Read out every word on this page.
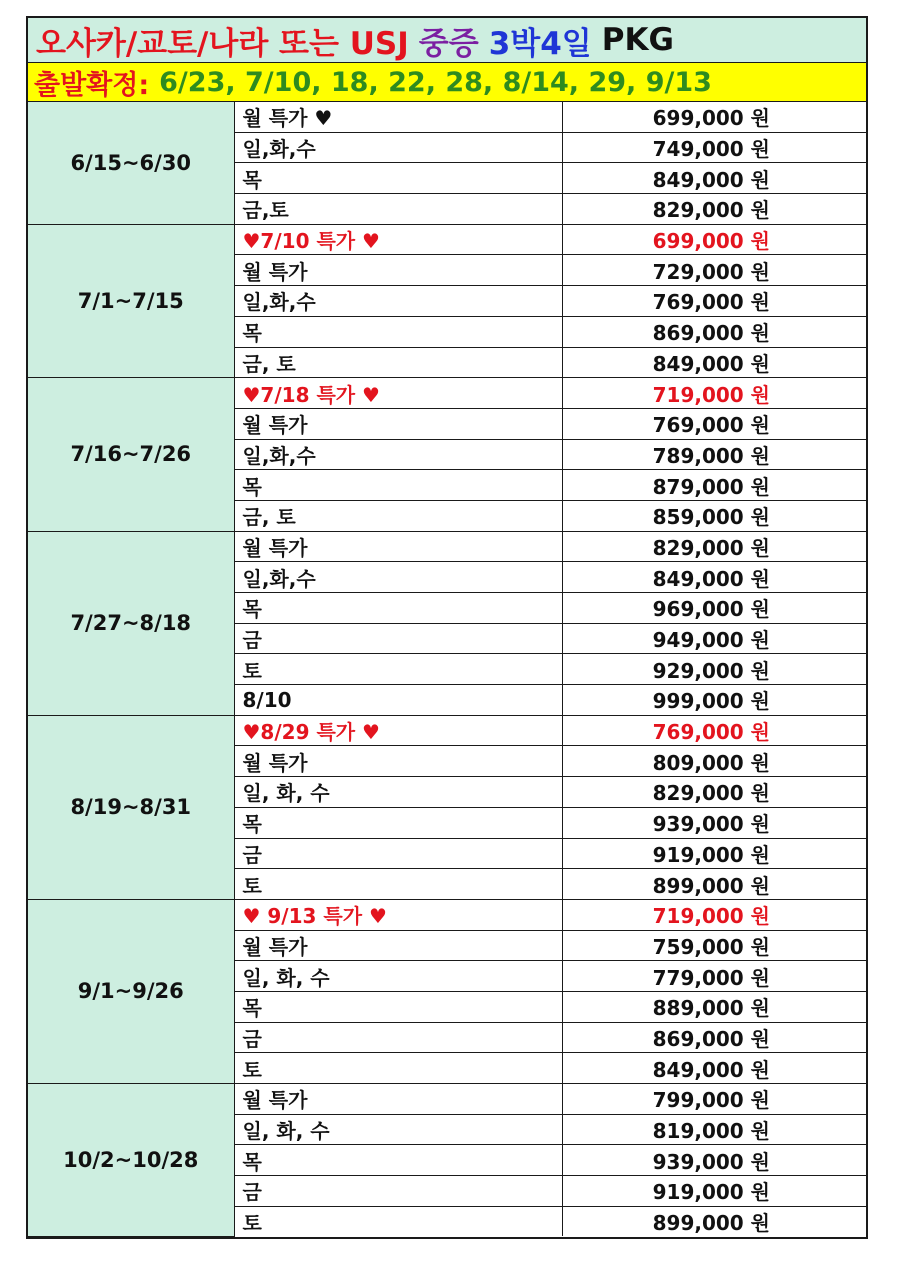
오사카/교토/나라 또는 USJ 중증 3박4일 PKG
출발확정: 6/23, 7/10, 18, 22, 28, 8/14, 29, 9/13
6/15~6/30	월 특가 ♥	699,000 원
	일,화,수	749,000 원
	목	849,000 원
	금,토	829,000 원
7/1~7/15	♥7/10 특가 ♥	699,000 원
	월 특가	729,000 원
	일,화,수	769,000 원
	목	869,000 원
	금, 토	849,000 원
7/16~7/26	♥7/18 특가 ♥	719,000 원
	월 특가	769,000 원
	일,화,수	789,000 원
	목	879,000 원
	금, 토	859,000 원
7/27~8/18	월 특가	829,000 원
	일,화,수	849,000 원
	목	969,000 원
	금	949,000 원
	토	929,000 원
	8/10	999,000 원
8/19~8/31	♥8/29 특가 ♥	769,000 원
	월 특가	809,000 원
	일, 화, 수	829,000 원
	목	939,000 원
	금	919,000 원
	토	899,000 원
9/1~9/26	♥ 9/13 특가 ♥	719,000 원
	월 특가	759,000 원
	일, 화, 수	779,000 원
	목	889,000 원
	금	869,000 원
	토	849,000 원
10/2~10/28	월 특가	799,000 원
	일, 화, 수	819,000 원
	목	939,000 원
	금	919,000 원
	토	899,000 원
